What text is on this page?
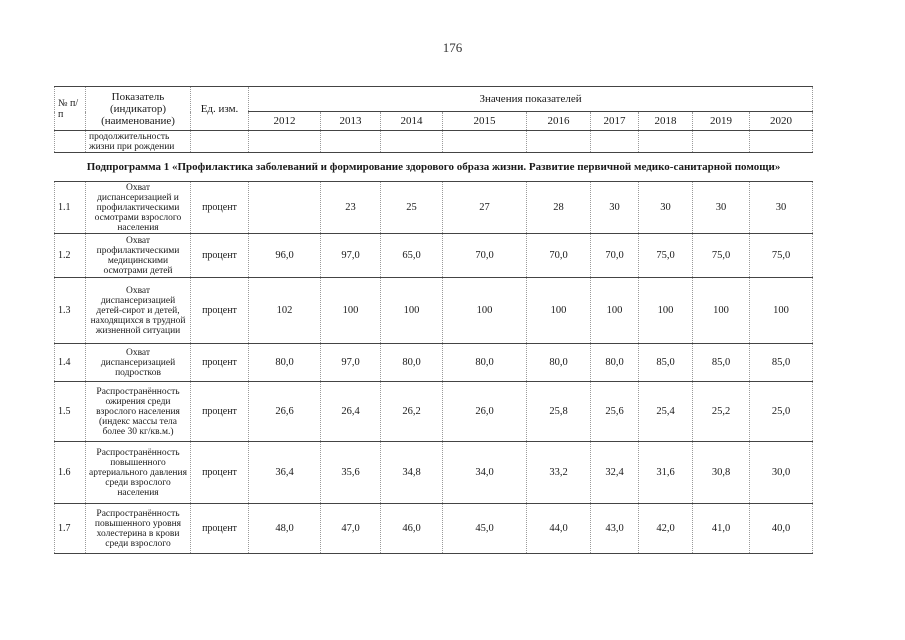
176
№ п/п	Показатель (индикатор) (наименование)	Ед. изм.	Значения показателей								
			2012	2013	2014	2015	2016	2017	2018	2019	2020
	продолжительность жизни при рождении										
Подпрограмма 1 «Профилактика заболеваний и формирование здорового образа жизни. Развитие первичной медико-санитарной помощи»											
1.1	Охват диспансеризацией и профилактическими осмотрами взрослого населения	процент		23	25	27	28	30	30	30	30
1.2	Охват профилактическими медицинскими осмотрами детей	процент	96,0	97,0	65,0	70,0	70,0	70,0	75,0	75,0	75,0
1.3	Охват диспансеризацией детей-сирот и детей, находящихся в трудной жизненной ситуации	процент	102	100	100	100	100	100	100	100	100
1.4	Охват диспансеризацией подростков	процент	80,0	97,0	80,0	80,0	80,0	80,0	85,0	85,0	85,0
1.5	Распространённость ожирения среди взрослого населения (индекс массы тела более 30 кг/кв.м.)	процент	26,6	26,4	26,2	26,0	25,8	25,6	25,4	25,2	25,0
1.6	Распространённость повышенного артериального давления среди взрослого населения	процент	36,4	35,6	34,8	34,0	33,2	32,4	31,6	30,8	30,0
1.7	Распространённость повышенного уровня холестерина в крови среди взрослого	процент	48,0	47,0	46,0	45,0	44,0	43,0	42,0	41,0	40,0
